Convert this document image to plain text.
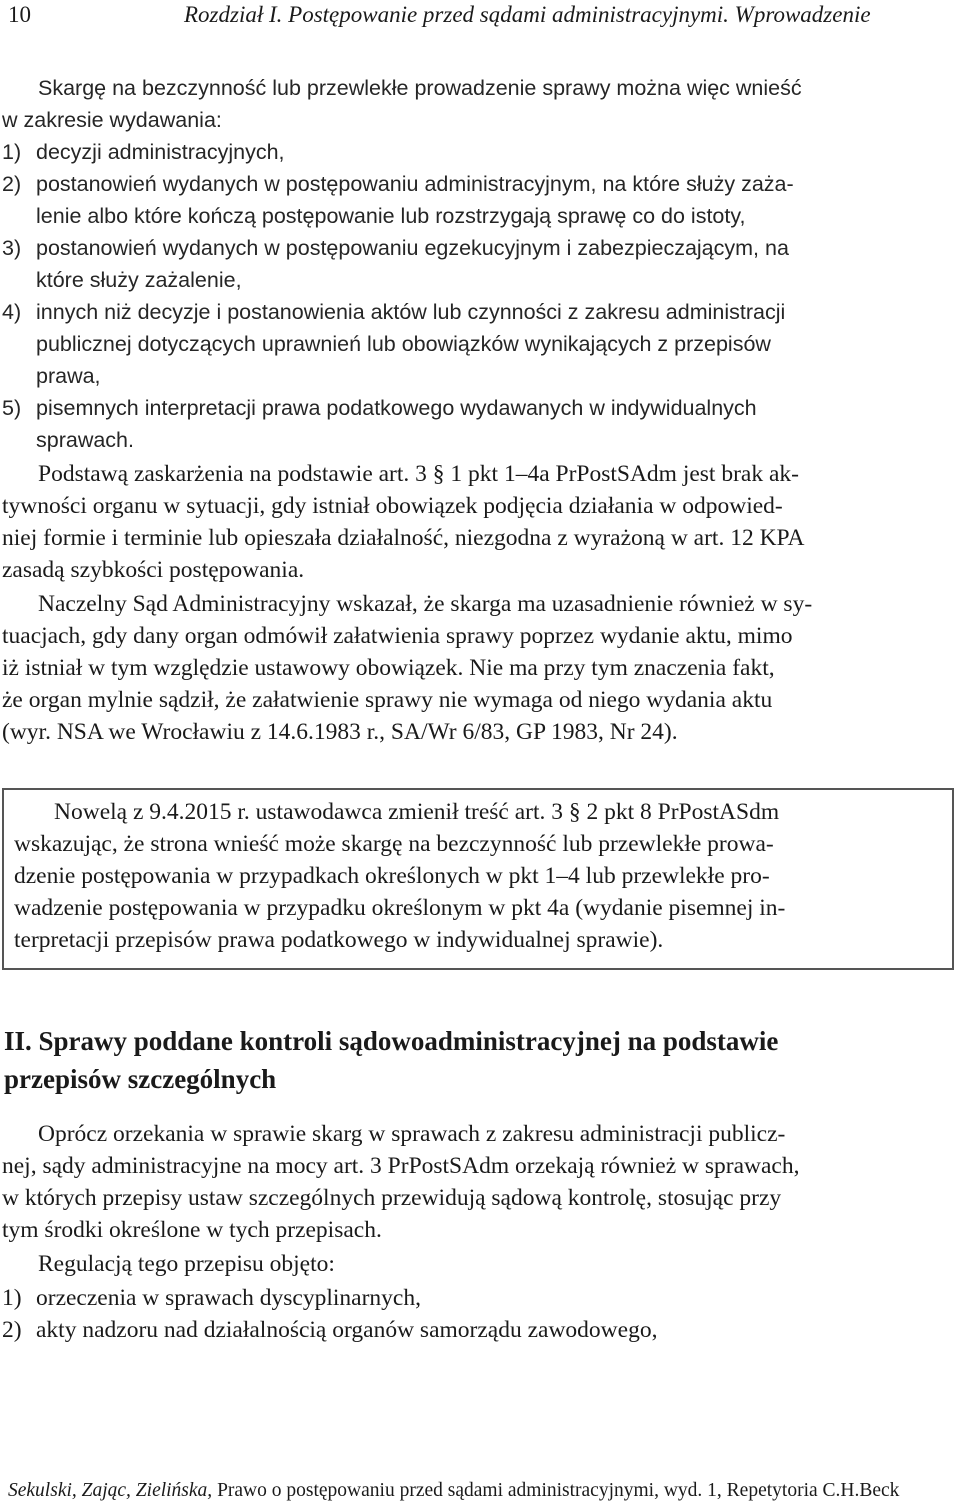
10	Rozdział I. Postępowanie przed sądami administracyjnymi. Wprowadzenie
Skargę na bezczynność lub przewlekłe prowadzenie sprawy można więc wnieść
w zakresie wydawania:
1) decyzji administracyjnych,
2) postanowień wydanych w postępowaniu administracyjnym, na które służy zaża-
lenie albo które kończą postępowanie lub rozstrzygają sprawę co do istoty,
3) postanowień wydanych w postępowaniu egzekucyjnym i zabezpieczającym, na
które służy zażalenie,
4) innych niż decyzje i postanowienia aktów lub czynności z zakresu administracji
publicznej dotyczących uprawnień lub obowiązków wynikających z przepisów
prawa,
5) pisemnych interpretacji prawa podatkowego wydawanych w indywidualnych
sprawach.
Podstawą zaskarżenia na podstawie art. 3 § 1 pkt 1–4a PrPostSAdm jest brak ak-
tywności organu w sytuacji, gdy istniał obowiązek podjęcia działania w odpowied-
niej formie i terminie lub opieszała działalność, niezgodna z wyrażoną w art. 12 KPA
zasadą szybkości postępowania.
Naczelny Sąd Administracyjny wskazał, że skarga ma uzasadnienie również w sy-
tuacjach, gdy dany organ odmówił załatwienia sprawy poprzez wydanie aktu, mimo
iż istniał w tym względzie ustawowy obowiązek. Nie ma przy tym znaczenia fakt,
że organ mylnie sądził, że załatwienie sprawy nie wymaga od niego wydania aktu
(wyr. NSA we Wrocławiu z 14.6.1983 r., SA/Wr 6/83, GP 1983, Nr 24).
Nowelą z 9.4.2015 r. ustawodawca zmienił treść art. 3 § 2 pkt 8 PrPostASdm
wskazując, że strona wnieść może skargę na bezczynność lub przewlekłe prowa-
dzenie postępowania w przypadkach określonych w pkt 1–4 lub przewlekłe pro-
wadzenie postępowania w przypadku określonym w pkt 4a (wydanie pisemnej in-
terpretacji przepisów prawa podatkowego w indywidualnej sprawie).
II. Sprawy poddane kontroli sądowoadministracyjnej na podstawie
przepisów szczególnych
Oprócz orzekania w sprawie skarg w sprawach z zakresu administracji publicz-
nej, sądy administracyjne na mocy art. 3 PrPostSAdm orzekają również w sprawach,
w których przepisy ustaw szczególnych przewidują sądową kontrolę, stosując przy
tym środki określone w tych przepisach.
Regulacją tego przepisu objęto:
1) orzeczenia w sprawach dyscyplinarnych,
2) akty nadzoru nad działalnością organów samorządu zawodowego,
Sekulski, Zając, Zielińska, Prawo o postępowaniu przed sądami administracyjnymi, wyd. 1, Repetytoria C.H.Beck
